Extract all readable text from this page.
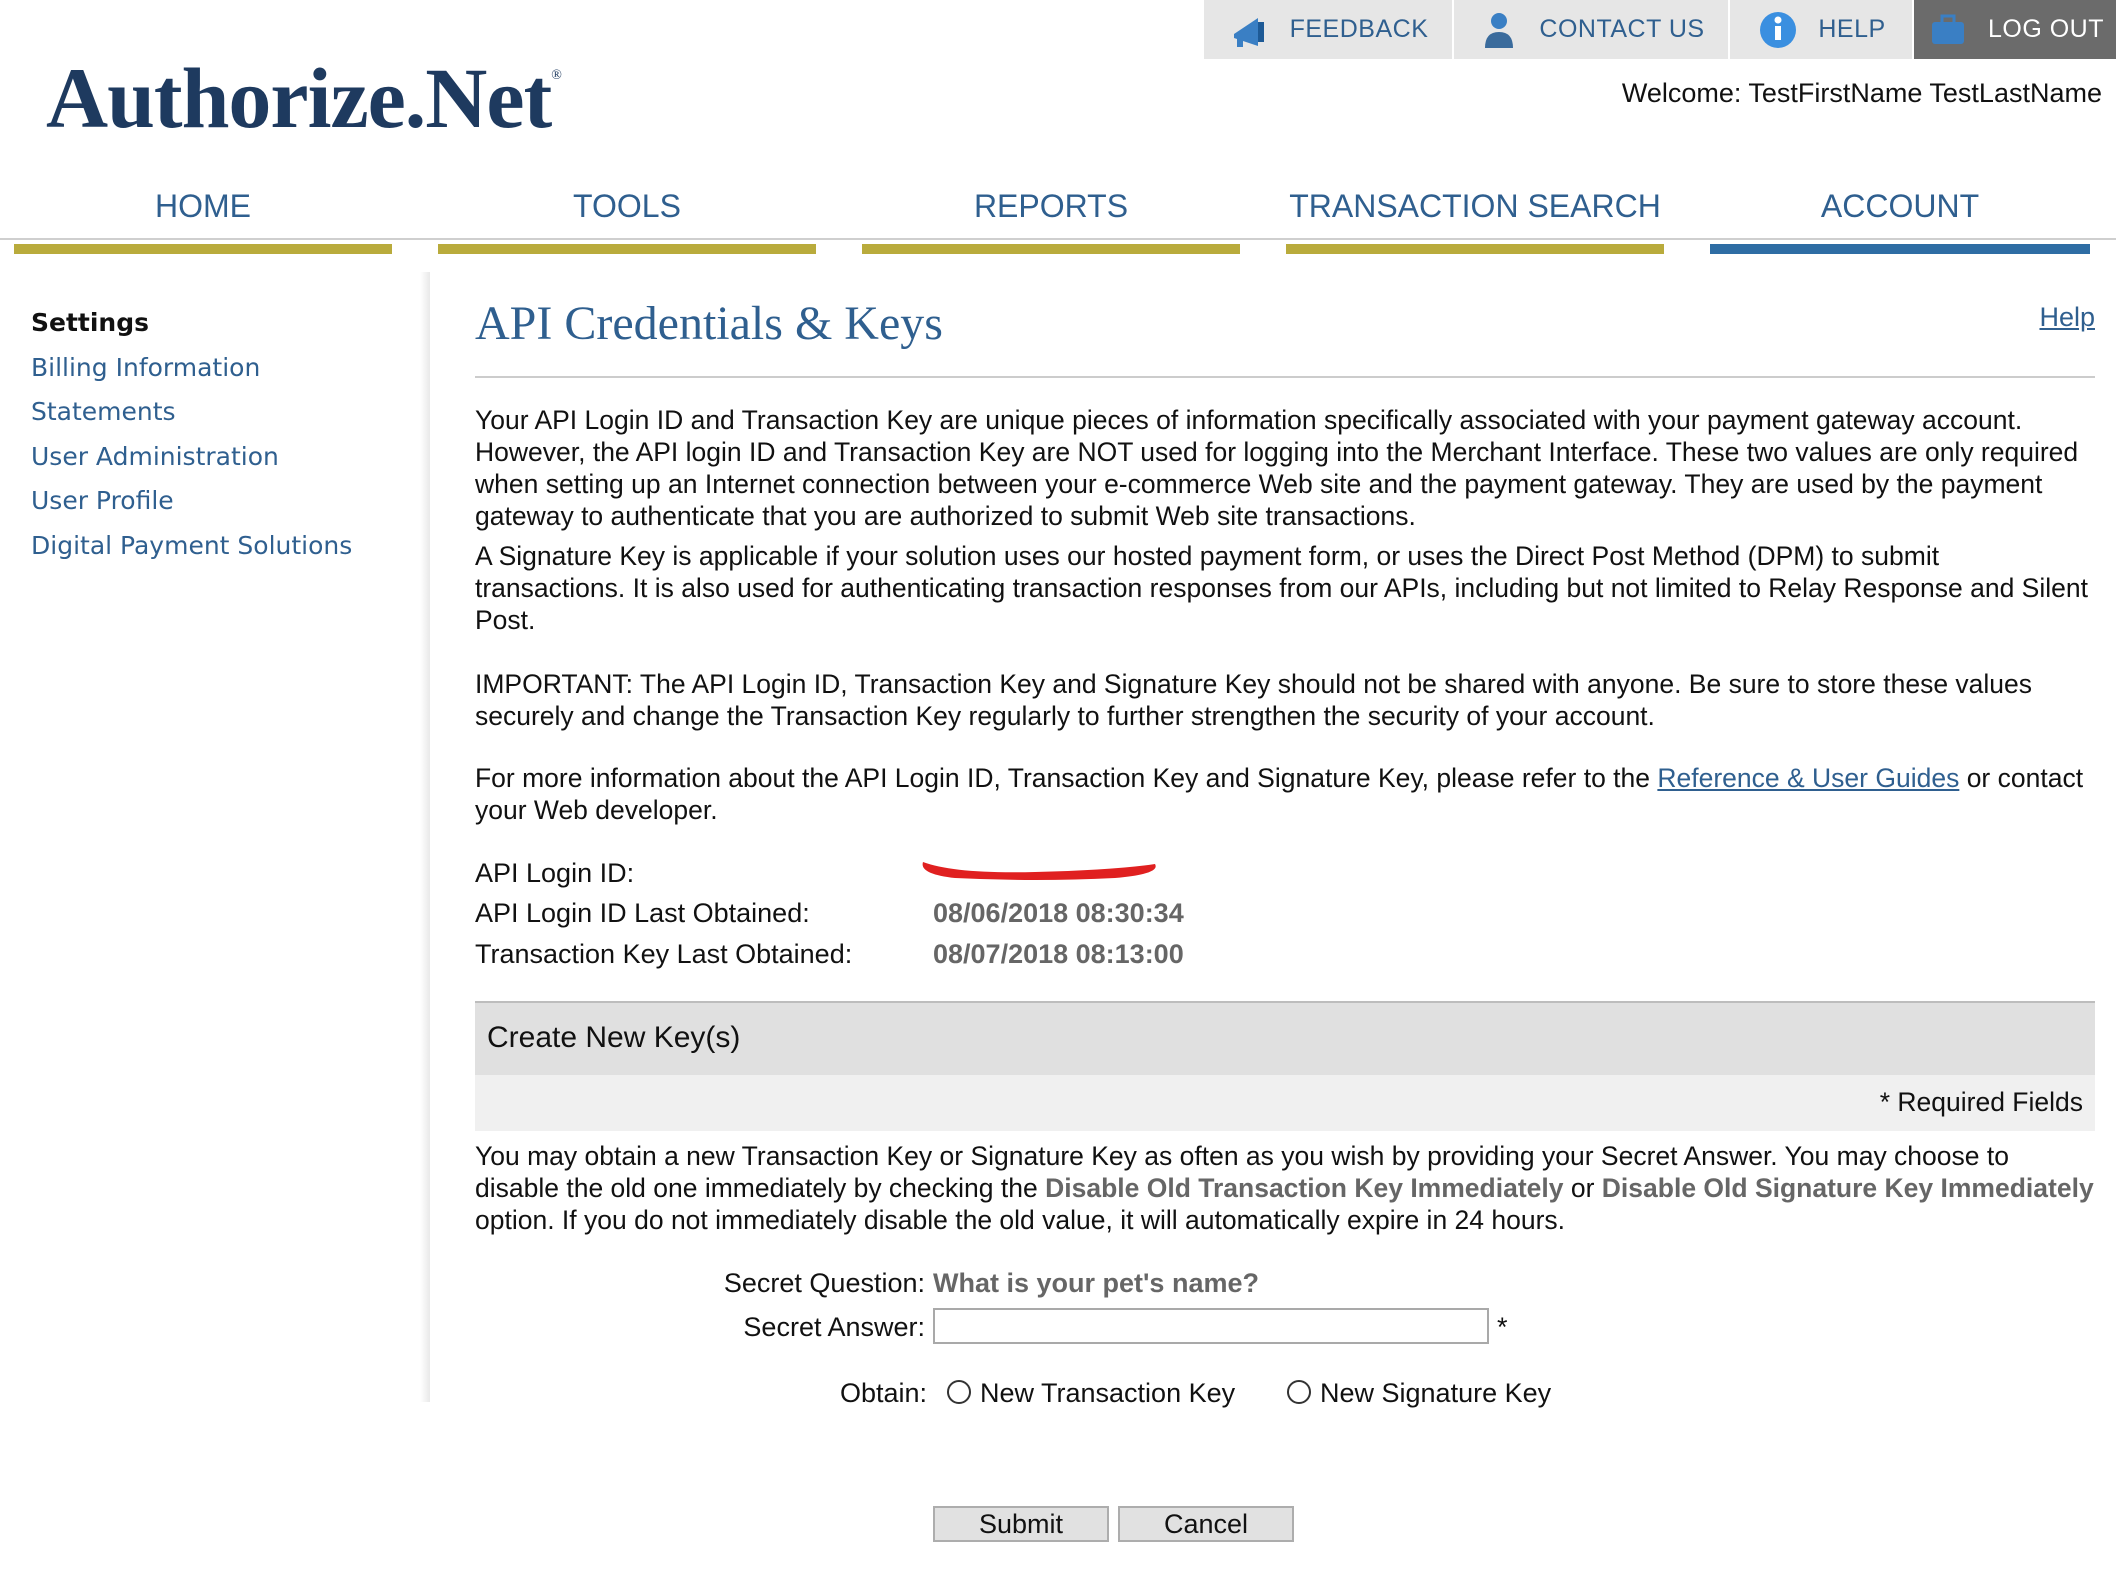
FEEDBACK	CONTACT US	HELP	LOG OUT
Authorize.Net®
Welcome: TestFirstName TestLastName
HOME	TOOLS	REPORTS	TRANSACTION SEARCH	ACCOUNT
Settings
Billing Information
Statements
User Administration
User Profile
Digital Payment Solutions
API Credentials & Keys	Help

Your API Login ID and Transaction Key are unique pieces of information specifically associated with your payment gateway account. However, the API login ID and Transaction Key are NOT used for logging into the Merchant Interface. These two values are only required when setting up an Internet connection between your e-commerce Web site and the payment gateway. They are used by the payment gateway to authenticate that you are authorized to submit Web site transactions.

A Signature Key is applicable if your solution uses our hosted payment form, or uses the Direct Post Method (DPM) to submit transactions. It is also used for authenticating transaction responses from our APIs, including but not limited to Relay Response and Silent Post.

IMPORTANT: The API Login ID, Transaction Key and Signature Key should not be shared with anyone. Be sure to store these values securely and change the Transaction Key regularly to further strengthen the security of your account.

For more information about the API Login ID, Transaction Key and Signature Key, please refer to the Reference & User Guides or contact your Web developer.

API Login ID:
API Login ID Last Obtained:	08/06/2018 08:30:34
Transaction Key Last Obtained:	08/07/2018 08:13:00
Create New Key(s)
* Required Fields

You may obtain a new Transaction Key or Signature Key as often as you wish by providing your Secret Answer. You may choose to disable the old one immediately by checking the Disable Old Transaction Key Immediately or Disable Old Signature Key Immediately option. If you do not immediately disable the old value, it will automatically expire in 24 hours.

Secret Question: What is your pet's name?
Secret Answer:	*
Obtain: New Transaction Key	New Signature Key
Submit	Cancel
